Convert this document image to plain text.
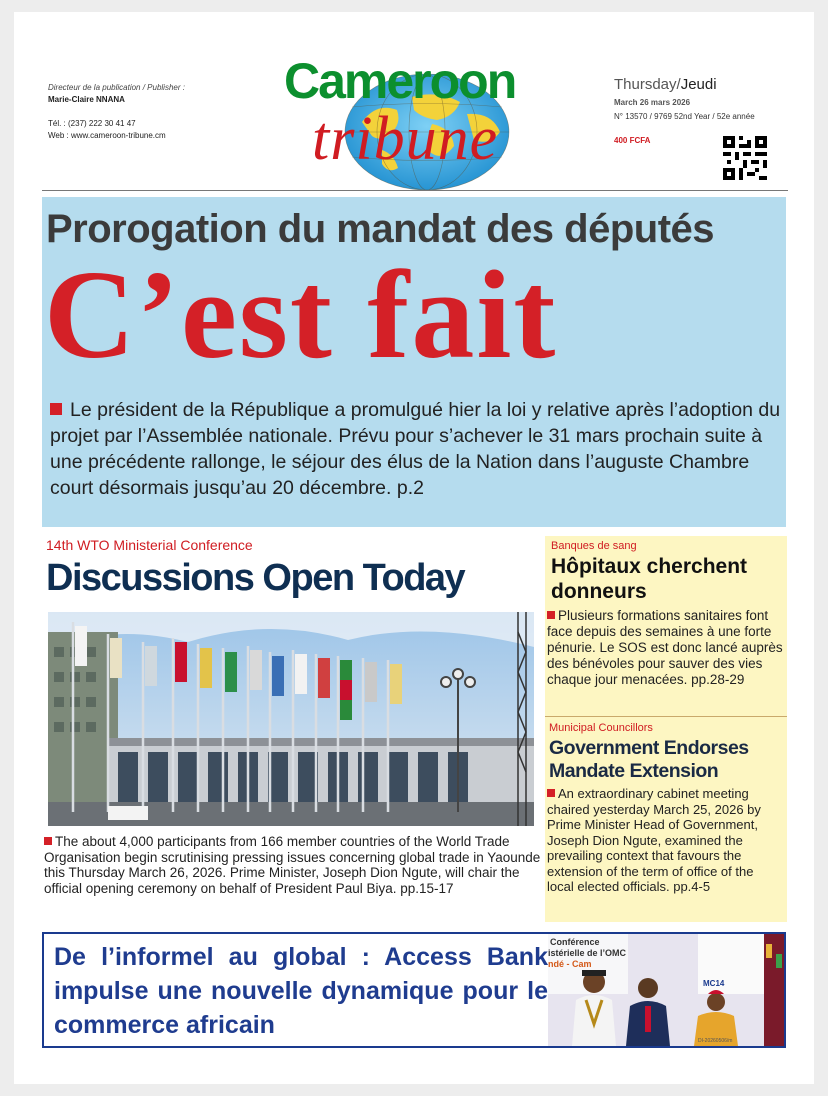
Directeur de la publication / Publisher :
Marie-Claire NNANA
Tél. : (237) 222 30 41 47
Web : www.cameroon-tribune.cm
Cameroon
tribune
Thursday/Jeudi
March 26 mars 2026
N° 13570 / 9769 52nd Year / 52e année
400 FCFA
Prorogation du mandat des députés
C’est fait
Le président de la République a promulgué hier la loi y relative après l’adoption du projet par l’Assemblée nationale. Prévu pour s’achever le 31 mars prochain suite à une précédente rallonge, le séjour des élus de la Nation dans l’auguste Chambre court désormais jusqu’au 20 décembre. p.2
14th WTO Ministerial Conference
Discussions Open Today
The about 4,000 participants from 166 member countries of the World Trade Organisation begin scrutinising pressing issues concerning global trade in Yaounde this Thursday March 26, 2026. Prime Minister, Joseph Dion Ngute, will chair the official opening ceremony on behalf of President Paul Biya. pp.15-17
Banques de sang
Hôpitaux cherchent donneurs
Plusieurs formations sanitaires font face depuis des semaines à une forte pénurie. Le SOS est donc lancé auprès des bénévoles pour sauver des vies chaque jour menacées. pp.28-29
Municipal Councillors
Government Endorses Mandate Extension
An extraordinary cabinet meeting chaired yesterday March 25, 2026 by Prime Minister Head of Government, Joseph Dion Ngute, examined the prevailing context that favours the extension of the term of office of the local elected officials. pp.4-5
De l’informel au global : Access Bank impulse une nouvelle dynamique pour le commerce africain
Conférence
istérielle de l’OMC
ndé - Cam
MC14
DI-20260506/m
